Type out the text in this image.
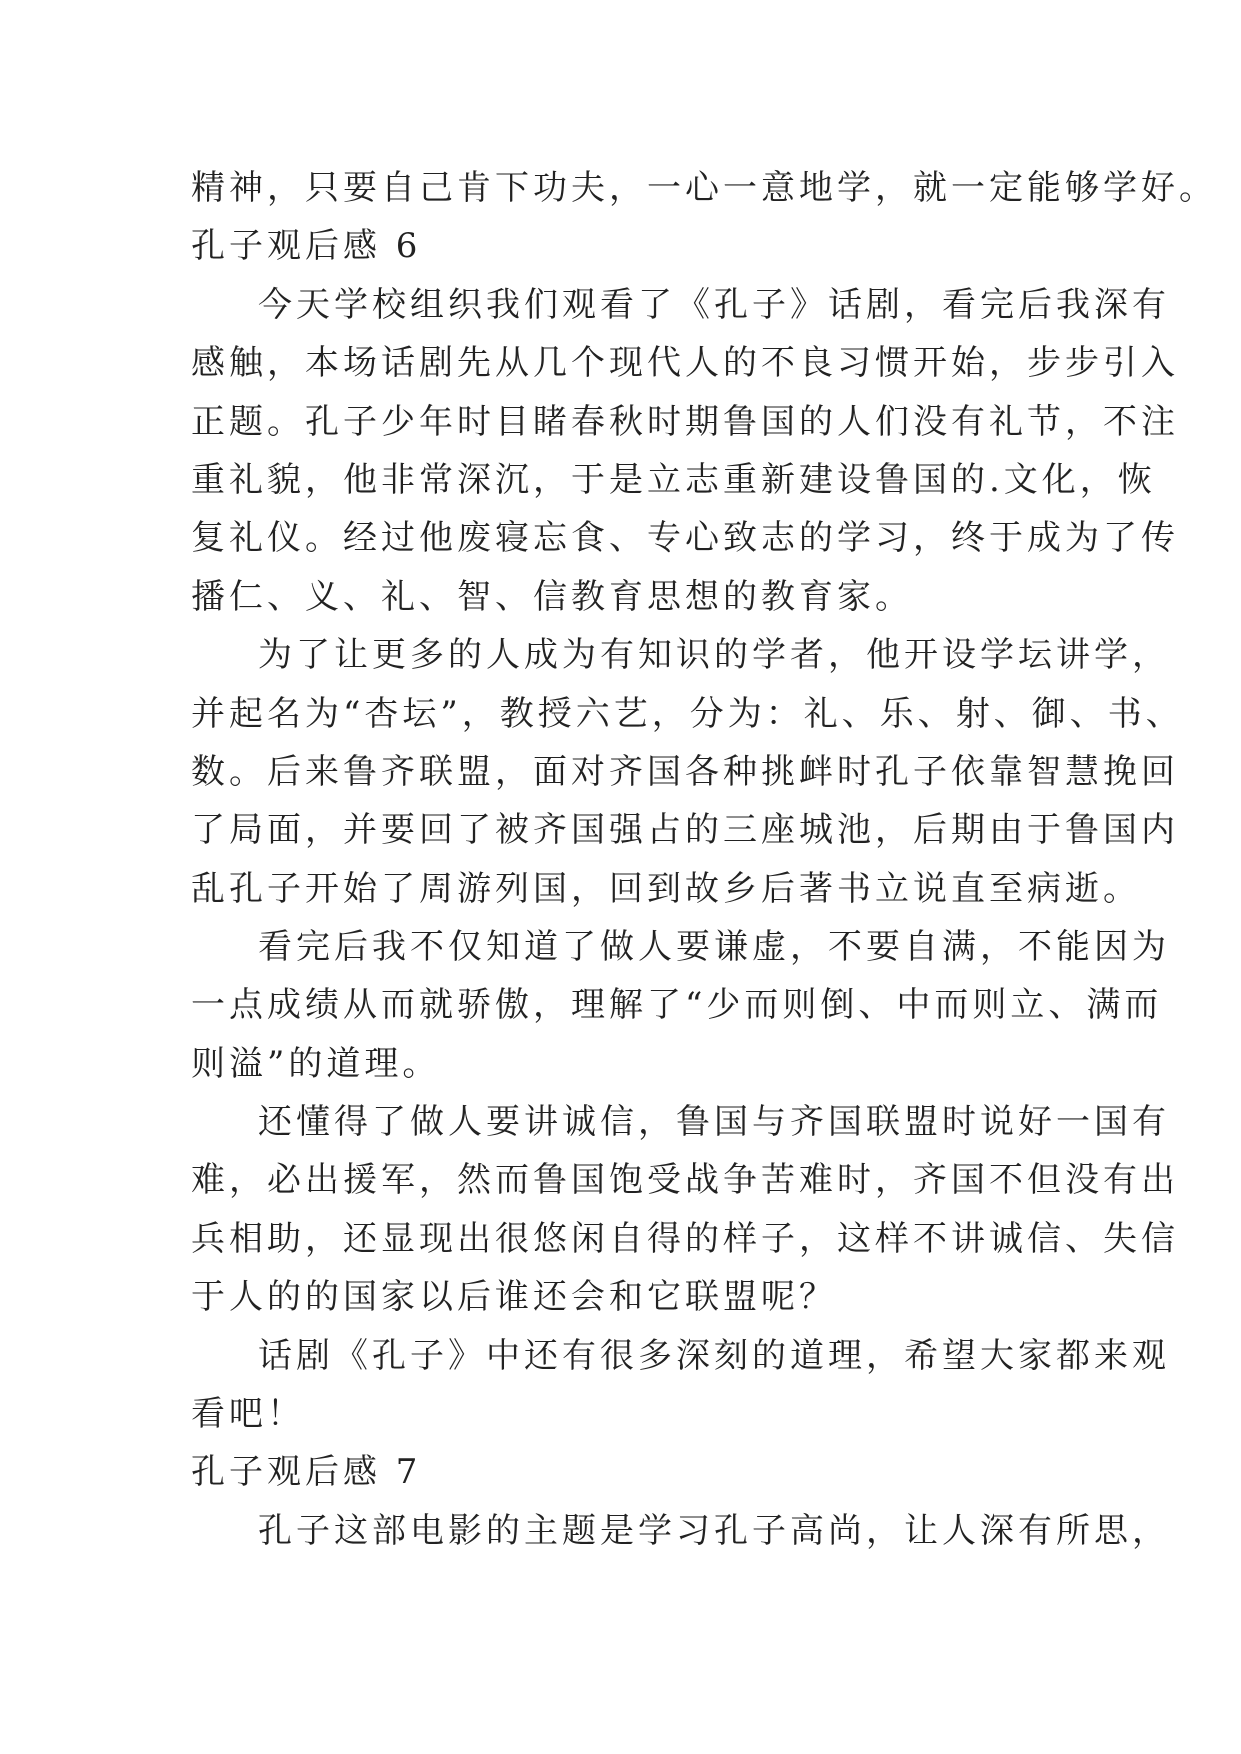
精神，只要自己肯下功夫，一心一意地学，就一定能够学好。
孔子观后感 6
今天学校组织我们观看了《孔子》话剧，看完后我深有
感触，本场话剧先从几个现代人的不良习惯开始，步步引入
正题。孔子少年时目睹春秋时期鲁国的人们没有礼节，不注
重礼貌，他非常深沉，于是立志重新建设鲁国的.文化，恢
复礼仪。经过他废寝忘食、专心致志的学习，终于成为了传
播仁、义、礼、智、信教育思想的教育家。
为了让更多的人成为有知识的学者，他开设学坛讲学，
并起名为“杏坛”，教授六艺，分为：礼、乐、射、御、书、
数。后来鲁齐联盟，面对齐国各种挑衅时孔子依靠智慧挽回
了局面，并要回了被齐国强占的三座城池，后期由于鲁国内
乱孔子开始了周游列国，回到故乡后著书立说直至病逝。
看完后我不仅知道了做人要谦虚，不要自满，不能因为
一点成绩从而就骄傲，理解了“少而则倒、中而则立、满而
则溢”的道理。
还懂得了做人要讲诚信，鲁国与齐国联盟时说好一国有
难，必出援军，然而鲁国饱受战争苦难时，齐国不但没有出
兵相助，还显现出很悠闲自得的样子，这样不讲诚信、失信
于人的的国家以后谁还会和它联盟呢？
话剧《孔子》中还有很多深刻的道理，希望大家都来观
看吧！
孔子观后感 7
孔子这部电影的主题是学习孔子高尚，让人深有所思，
